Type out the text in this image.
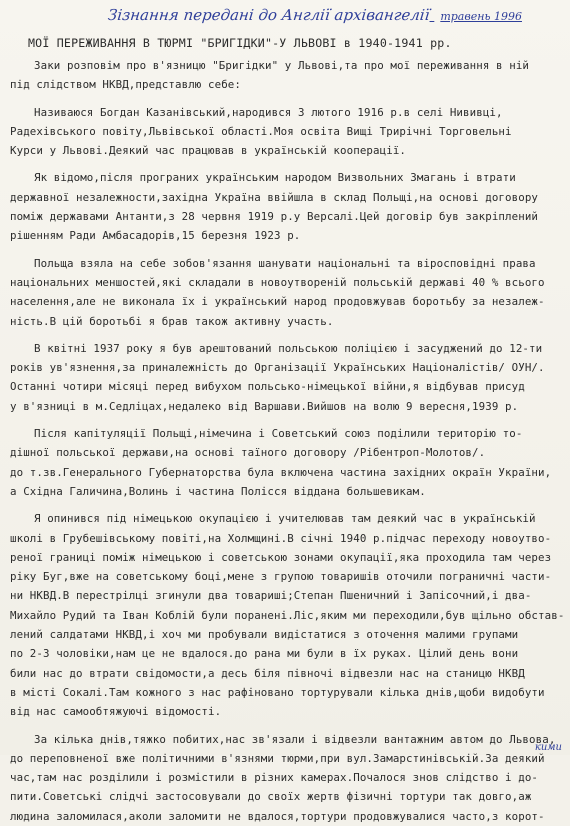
Зізнання переданi до Англiї архiвангелiї травень 1996
МОЇ ПЕРЕЖИВАННЯ В ТЮРМІ "БРИГІДКИ"-У ЛЬВОВІ в 1940-1941 рр.
Заки розповім про в'язницю "Бригідки" у Львові,та про мої переживання в ній
під слідством НКВД,представлю себе:
Називаюся Богдан Казанівський,народився 3 лютого 1916 р.в селі Нививці,
Радехівського повіту,Львівської області.Моя освіта Вищі Трирічні Торговельні
Курси у Львові.Деякий час працював в українській кооперації.
Як відомо,після програних українським народом Визвольних Змагань і втрати
державної незалежности,західна Україна ввійшла в склад Польщі,на основі договору
поміж державами Антанти,з 28 червня 1919 р.у Версалі.Цей договір був закріплений
рішенням Ради Амбасадорів,15 березня 1923 р.
Польща взяла на себе зобов'язання шанувати національні та віросповідні права
національних меншостей,які складали в новоутвореній польській державі 40 % всього
населення,але не виконала їх і український народ продовжував боротьбу за незалеж-
ність.В цій боротьбі я брав також активну участь.
В квітні 1937 року я був арештований польською поліцією і засуджений до 12-ти
років ув'язнення,за приналежність до Організації Українських Націоналістів/ ОУН/.
Останні чотири місяці перед вибухом польсько-німецької війни,я відбував присуд
у в'язниці в м.Седліцах,недалеко від Варшави.Вийшов на волю 9 вересня,1939 р.
Після капітуляції Польщі,німечина і Советський союз поділили територію то-
дішної польської держави,на основі таїного договору /Рібентроп-Молотов/.
до т.зв.Генерального Губернаторства була включена частина західних окраїн України,
а Східна Галичина,Волинь і частина Полісся віддана большевикам.
Я опинився під німецькою окупацією і учителював там деякий час в українській
школі в Грубешівському повіті,на Холмщині.В січні 1940 р.підчас переходу новоутво-
реної границі поміж німецькою і советською зонами окупації,яка проходила там через
ріку Буг,вже на советському боці,мене з групою товаришів оточили пограничні части-
ни НКВД.В перестрілці згинули два товариші;Степан Пшеничний і Запісочний,і два-
Михайло Рудий та Іван Коблій були поранені.Ліс,яким ми переходили,був щільно обстав-
лений салдатами НКВД,і хоч ми пробували видістатися з оточення малими групами
по 2-3 чоловіки,нам це не вдалося.до рана ми були в їх руках. Цілий день вони
били нас до втрати свідомости,а десь біля півночі відвезли нас на станицю НКВД
в місті Сокалі.Там кожного з нас рафіновано тортурували кілька днів,щоби видобути
від нас самообтяжуючі відомості.
За кілька днів,тяжко побитих,нас зв'язали і відвезли вантажним автом до Львова,
до переповненої вже політичними в'язнями тюрми,при вул.Замарстинівській.За деякий
час,там нас розділили і розмістили в різних камерах.Почалося знов слідство і до-
пити.Советські слідчі застосовували до своїх жертв фізичні тортури так довго,аж
людина заломилася,аколи заломити не вдалося,тортури продовжувалися часто,з корот-
кими
